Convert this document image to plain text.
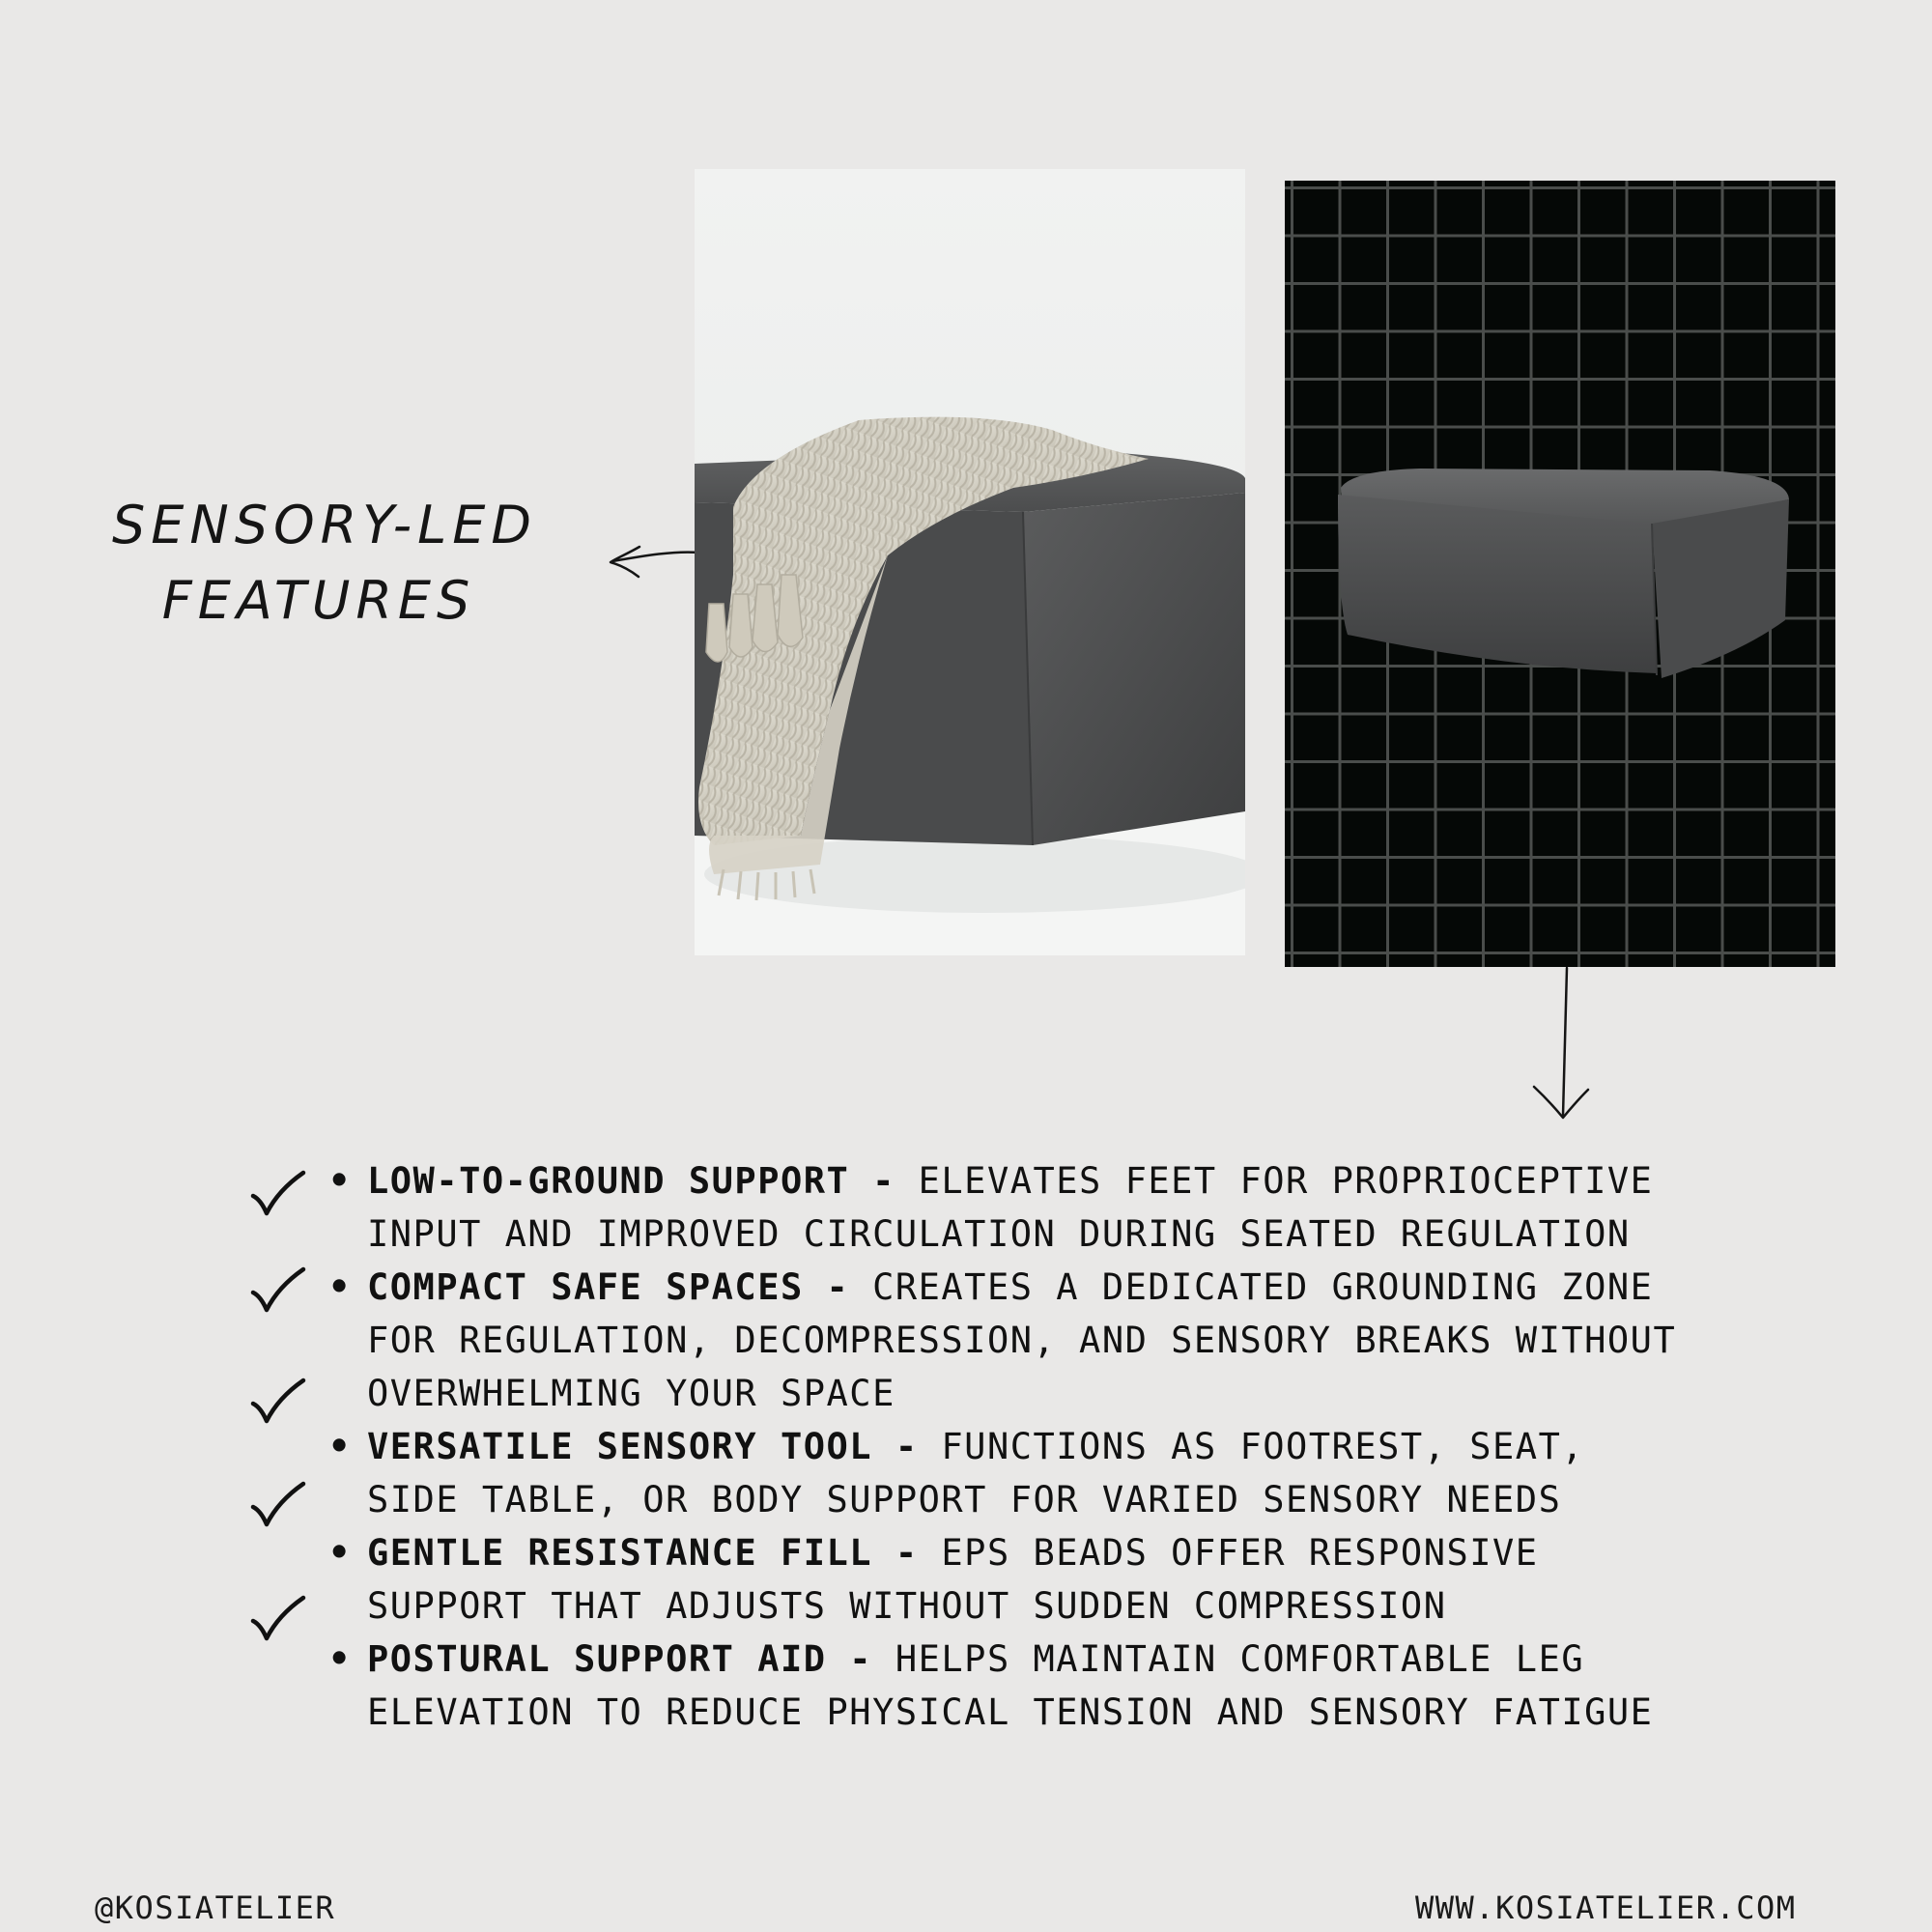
SENSORY-LED
FEATURES
• LOW-TO-GROUND SUPPORT - ELEVATES FEET FOR PROPRIOCEPTIVE INPUT AND IMPROVED CIRCULATION DURING SEATED REGULATION
• COMPACT SAFE SPACES - CREATES A DEDICATED GROUNDING ZONE FOR REGULATION, DECOMPRESSION, AND SENSORY BREAKS WITHOUT OVERWHELMING YOUR SPACE
• VERSATILE SENSORY TOOL - FUNCTIONS AS FOOTREST, SEAT, SIDE TABLE, OR BODY SUPPORT FOR VARIED SENSORY NEEDS
• GENTLE RESISTANCE FILL - EPS BEADS OFFER RESPONSIVE SUPPORT THAT ADJUSTS WITHOUT SUDDEN COMPRESSION
• POSTURAL SUPPORT AID - HELPS MAINTAIN COMFORTABLE LEG ELEVATION TO REDUCE PHYSICAL TENSION AND SENSORY FATIGUE
@KOSIATELIER	WWW.KOSIATELIER.COM
